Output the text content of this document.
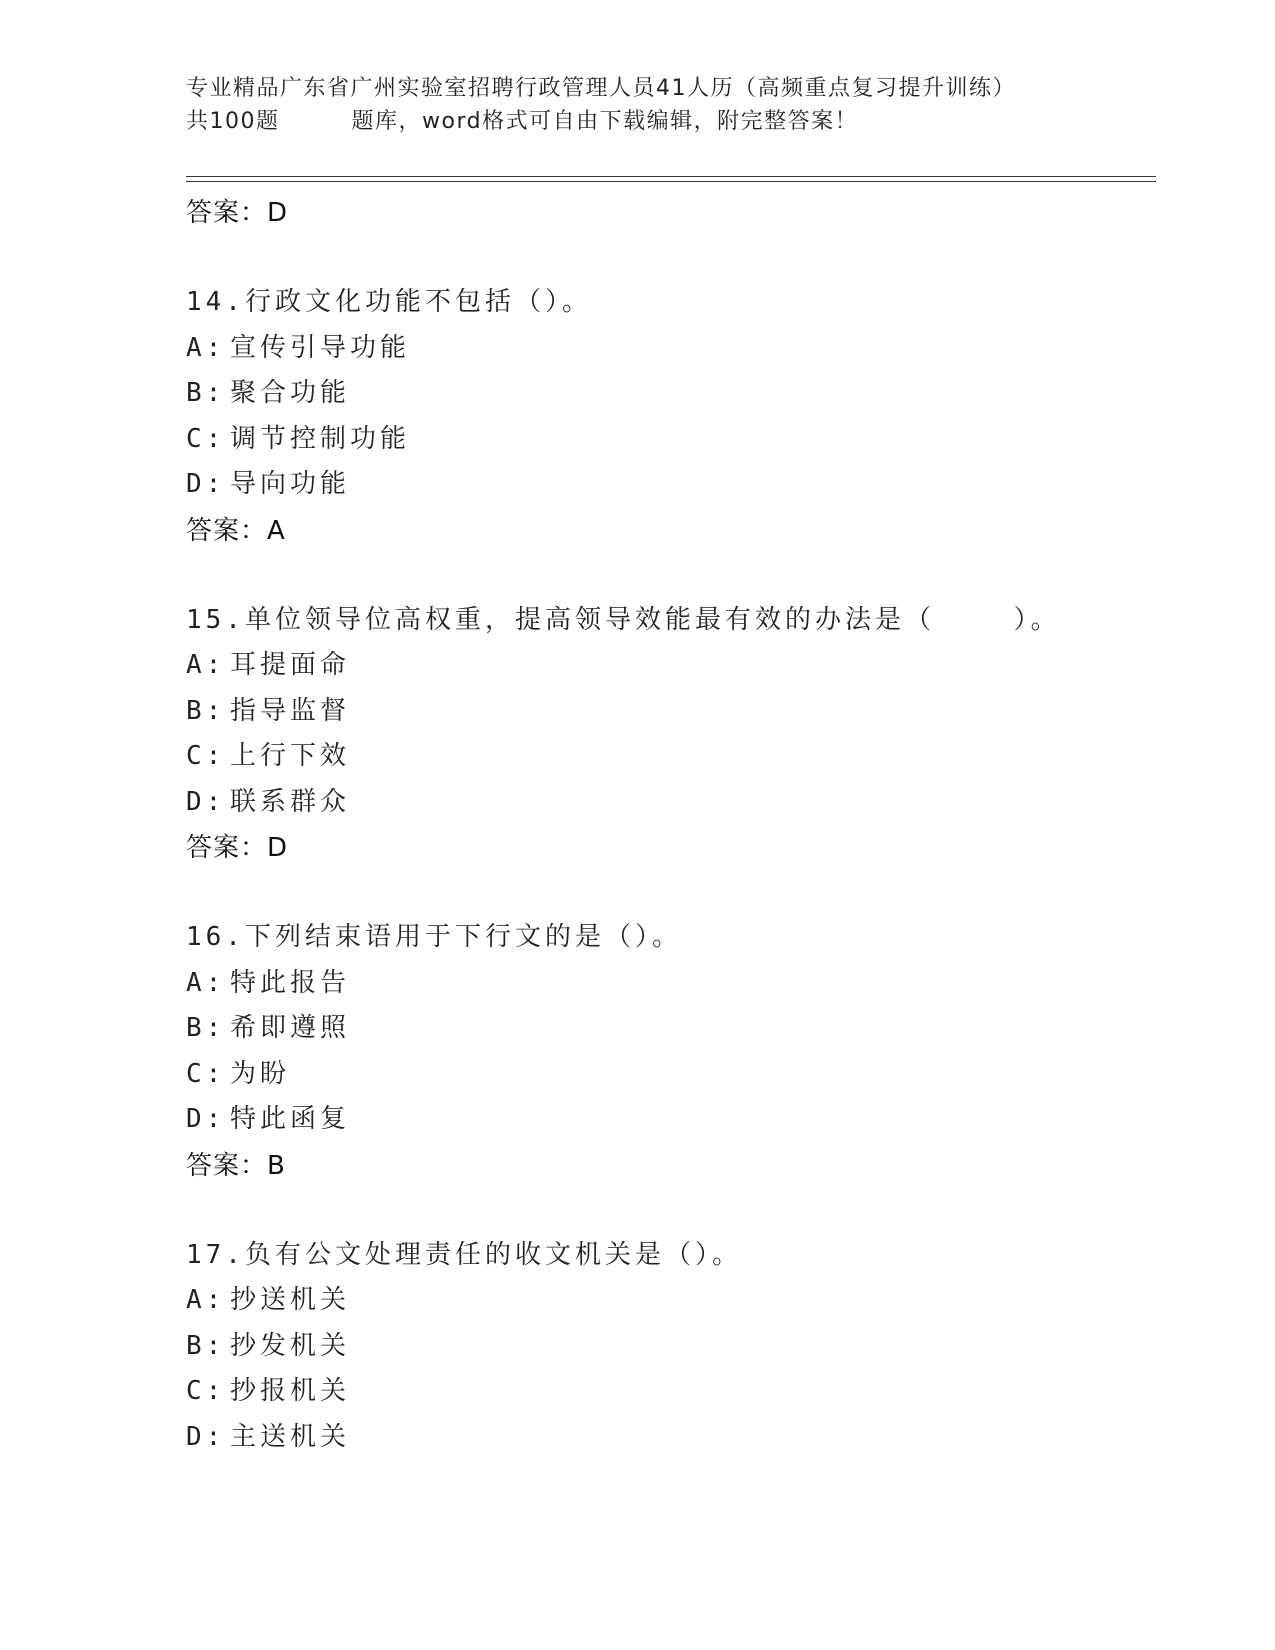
专业精品广东省广州实验室招聘行政管理人员41人历（高频重点复习提升训练）
共100题	题库，word格式可自由下载编辑，附完整答案！
答案：D
14.行政文化功能不包括（）。
A: 宣传引导功能
B: 聚合功能
C: 调节控制功能
D: 导向功能
答案：A
15.单位领导位高权重，提高领导效能最有效的办法是（    ）。
A: 耳提面命
B: 指导监督
C: 上行下效
D: 联系群众
答案：D
16.下列结束语用于下行文的是（）。
A: 特此报告
B: 希即遵照
C: 为盼
D: 特此函复
答案：B
17.负有公文处理责任的收文机关是（）。
A: 抄送机关
B: 抄发机关
C: 抄报机关
D: 主送机关
